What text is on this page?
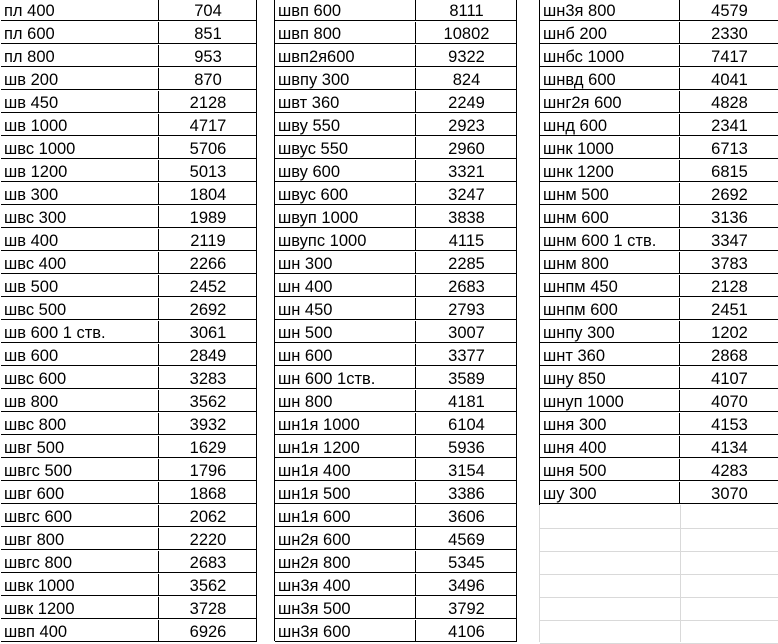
пл 400	704
пл 600	851
пл 800	953
шв 200	870
шв 450	2128
шв 1000	4717
швс 1000	5706
шв 1200	5013
шв 300	1804
швс 300	1989
шв 400	2119
швс 400	2266
шв 500	2452
швс 500	2692
шв 600 1 ств.	3061
шв 600	2849
швс 600	3283
шв 800	3562
швс 800	3932
швг 500	1629
швгс 500	1796
швг 600	1868
швгс 600	2062
швг 800	2220
швгс 800	2683
швк 1000	3562
швк 1200	3728
швп 400	6926
швп 600	8111
швп 800	10802
швп2я600	9322
швпу 300	824
швт 360	2249
шву 550	2923
швус 550	2960
шву 600	3321
швус 600	3247
швуп 1000	3838
швупс 1000	4115
шн 300	2285
шн 400	2683
шн 450	2793
шн 500	3007
шн 600	3377
шн 600 1ств.	3589
шн 800	4181
шн1я 1000	6104
шн1я 1200	5936
шн1я 400	3154
шн1я 500	3386
шн1я 600	3606
шн2я 600	4569
шн2я 800	5345
шн3я 400	3496
шн3я 500	3792
шн3я 600	4106
шн3я 800	4579
шнб 200	2330
шнбс 1000	7417
шнвд 600	4041
шнг2я 600	4828
шнд 600	2341
шнк 1000	6713
шнк 1200	6815
шнм 500	2692
шнм 600	3136
шнм 600 1 ств.	3347
шнм 800	3783
шнпм 450	2128
шнпм 600	2451
шнпу 300	1202
шнт 360	2868
шну 850	4107
шнуп 1000	4070
шня 300	4153
шня 400	4134
шня 500	4283
шу 300	3070
